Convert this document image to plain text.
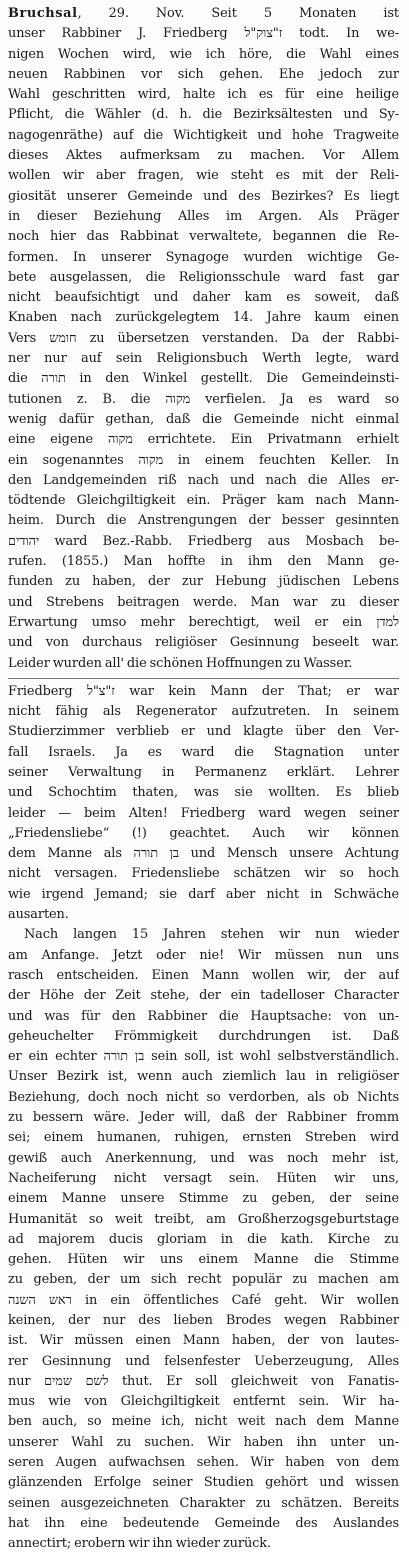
Bruchsal, 29. Nov. Seit 5 Monaten ist
unser Rabbiner J. Friedberg ז"צוק"ל todt. In we-
nigen Wochen wird, wie ich höre, die Wahl eines
neuen Rabbinen vor sich gehen. Ehe jedoch zur
Wahl geschritten wird, halte ich es für eine heilige
Pflicht, die Wähler (d. h. die Bezirksältesten und Sy-
nagogenräthe) auf die Wichtigkeit und hohe Tragweite
dieses Aktes aufmerksam zu machen. Vor Allem
wollen wir aber fragen, wie steht es mit der Reli-
giosität unserer Gemeinde und des Bezirkes? Es liegt
in dieser Beziehung Alles im Argen. Als Präger
noch hier das Rabbinat verwaltete, begannen die Re-
formen. In unserer Synagoge wurden wichtige Ge-
bete ausgelassen, die Religionsschule ward fast gar
nicht beaufsichtigt und daher kam es soweit, daß
Knaben nach zurückgelegtem 14. Jahre kaum einen
Vers חומש zu übersetzen verstanden. Da der Rabbi-
ner nur auf sein Religionsbuch Werth legte, ward
die תורה in den Winkel gestellt. Die Gemeindeinsti-
tutionen z. B. die מקוה verfielen. Ja es ward so
wenig dafür gethan, daß die Gemeinde nicht einmal
eine eigene מקוה errichtete. Ein Privatmann erhielt
ein sogenanntes מקוה in einem feuchten Keller. In
den Landgemeinden riß nach und nach die Alles er-
tödtende Gleichgiltigkeit ein. Präger kam nach Mann-
heim. Durch die Anstrengungen der besser gesinnten
יהודים ward Bez.-Rabb. Friedberg aus Mosbach be-
rufen. (1855.) Man hoffte in ihm den Mann ge-
funden zu haben, der zur Hebung jüdischen Lebens
und Strebens beitragen werde. Man war zu dieser
Erwartung umso mehr berechtigt, weil er ein למדן
und von durchaus religiöser Gesinnung beseelt war.
Leider wurden all' die schönen Hoffnungen zu Wasser.
Friedberg ז"צ"ל war kein Mann der That; er war
nicht fähig als Regenerator aufzutreten. In seinem
Studierzimmer verblieb er und klagte über den Ver-
fall Israels. Ja es ward die Stagnation unter
seiner Verwaltung in Permanenz erklärt. Lehrer
und Schochtim thaten, was sie wollten. Es blieb
leider — beim Alten! Friedberg ward wegen seiner
„Friedensliebe“ (!) geachtet. Auch wir können
dem Manne als בן תורה und Mensch unsere Achtung
nicht versagen. Friedensliebe schätzen wir so hoch
wie irgend Jemand; sie darf aber nicht in Schwäche
ausarten.
Nach langen 15 Jahren stehen wir nun wieder
am Anfange. Jetzt oder nie! Wir müssen nun uns
rasch entscheiden. Einen Mann wollen wir, der auf
der Höhe der Zeit stehe, der ein tadelloser Character
und was für den Rabbiner die Hauptsache: von un-
geheuchelter Frömmigkeit durchdrungen ist. Daß
er ein echter בן תורה sein soll, ist wohl selbstverständlich.
Unser Bezirk ist, wenn auch ziemlich lau in religiöser
Beziehung, doch noch nicht so verdorben, als ob Nichts
zu bessern wäre. Jeder will, daß der Rabbiner fromm
sei; einem humanen, ruhigen, ernsten Streben wird
gewiß auch Anerkennung, und was noch mehr ist,
Nacheiferung nicht versagt sein. Hüten wir uns,
einem Manne unsere Stimme zu geben, der seine
Humanität so weit treibt, am Großherzogsgeburtstage
ad majorem ducis gloriam in die kath. Kirche zu
gehen. Hüten wir uns einem Manne die Stimme
zu geben, der um sich recht populär zu machen am
ראש השנה in ein öffentliches Café geht. Wir wollen
keinen, der nur des lieben Brodes wegen Rabbiner
ist. Wir müssen einen Mann haben, der von lautes-
rer Gesinnung und felsenfester Ueberzeugung, Alles
nur לשם שמים thut. Er soll gleichweit von Fanatis-
mus wie von Gleichgiltigkeit entfernt sein. Wir ha-
ben auch, so meine ich, nicht weit nach dem Manne
unserer Wahl zu suchen. Wir haben ihn unter un-
seren Augen aufwachsen sehen. Wir haben von dem
glänzenden Erfolge seiner Studien gehört und wissen
seinen ausgezeichneten Charakter zu schätzen. Bereits
hat ihn eine bedeutende Gemeinde des Auslandes
annectirt; erobern wir ihn wieder zurück.
